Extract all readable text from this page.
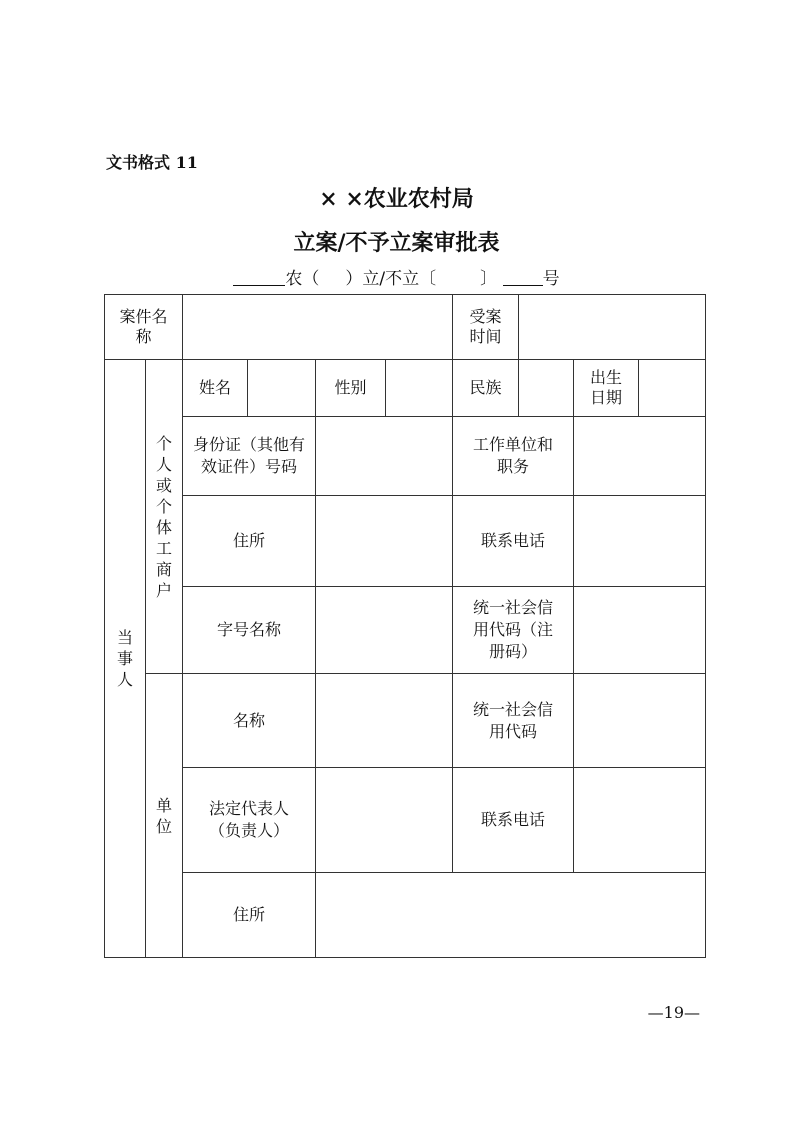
文书格式 11
× ×农业农村局
立案/不予立案审批表
农（ ）立/不立〔	〕	号
案件名称						受案时间			
当事人	个人或个体工商户	姓名		性别		民族		出生日期	
		身份证（其他有效证件）号码				工作单位和职务			
		住所				联系电话			
		字号名称				统一社会信用代码（注册码）			
	单位	名称				统一社会信用代码			
		法定代表人（负责人）				联系电话			
		住所							
—19—
